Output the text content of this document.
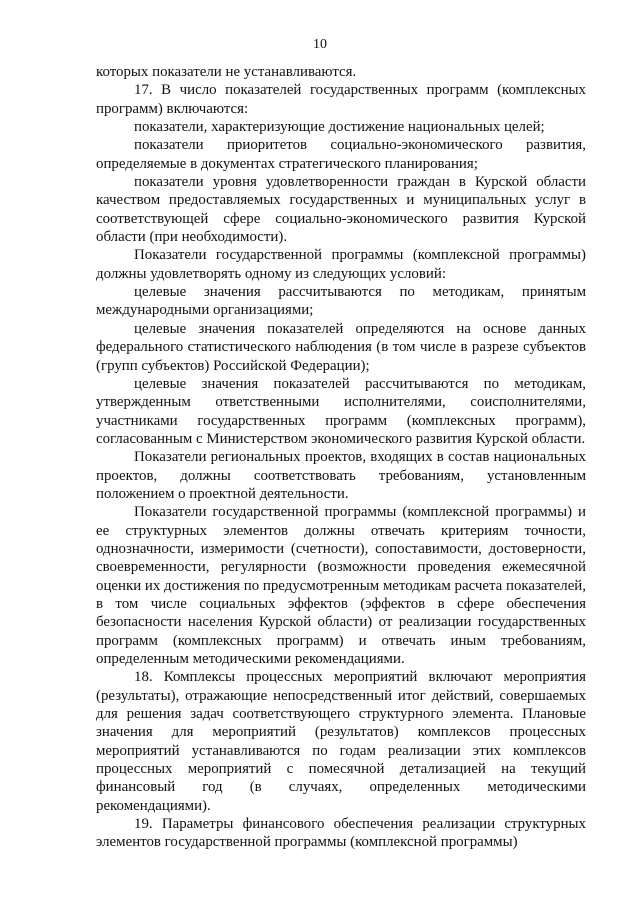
10

которых показатели не устанавливаются.

17. В число показателей государственных программ (комплексных программ) включаются:

показатели, характеризующие достижение национальных целей;

показатели приоритетов социально-экономического развития, определяемые в документах стратегического планирования;

показатели уровня удовлетворенности граждан в Курской области качеством предоставляемых государственных и муниципальных услуг в соответствующей сфере социально-экономического развития Курской области (при необходимости).

Показатели государственной программы (комплексной программы) должны удовлетворять одному из следующих условий:

целевые значения рассчитываются по методикам, принятым международными организациями;

целевые значения показателей определяются на основе данных федерального статистического наблюдения (в том числе в разрезе субъектов (групп субъектов) Российской Федерации);

целевые значения показателей рассчитываются по методикам, утвержденным ответственными исполнителями, соисполнителями, участниками государственных программ (комплексных программ), согласованным с Министерством экономического развития Курской области.

Показатели региональных проектов, входящих в состав национальных проектов, должны соответствовать требованиям, установленным положением о проектной деятельности.

Показатели государственной программы (комплексной программы) и ее структурных элементов должны отвечать критериям точности, однозначности, измеримости (счетности), сопоставимости, достоверности, своевременности, регулярности (возможности проведения ежемесячной оценки их достижения по предусмотренным методикам расчета показателей, в том числе социальных эффектов (эффектов в сфере обеспечения безопасности населения Курской области) от реализации государственных программ (комплексных программ) и отвечать иным требованиям, определенным методическими рекомендациями.

18. Комплексы процессных мероприятий включают мероприятия (результаты), отражающие непосредственный итог действий, совершаемых для решения задач соответствующего структурного элемента. Плановые значения для мероприятий (результатов) комплексов процессных мероприятий устанавливаются по годам реализации этих комплексов процессных мероприятий с помесячной детализацией на текущий финансовый год (в случаях, определенных методическими рекомендациями).

19. Параметры финансового обеспечения реализации структурных элементов государственной программы (комплексной программы)
